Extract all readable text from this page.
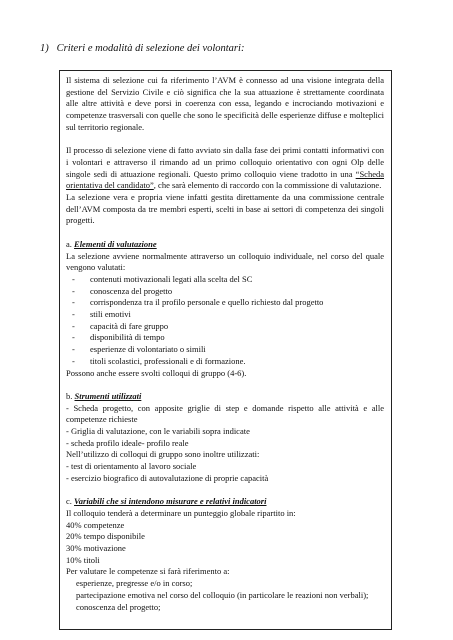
1) Criteri e modalità di selezione dei volontari:
Il sistema di selezione cui fa riferimento l’AVM è connesso ad una visione integrata della gestione del Servizio Civile e ciò significa che la sua attuazione è strettamente coordinata alle altre attività e deve porsi in coerenza con essa, legando e incrociando motivazioni e competenze trasversali con quelle che sono le specificità delle esperienze diffuse e molteplici sul territorio regionale.
Il processo di selezione viene di fatto avviato sin dalla fase dei primi contatti informativi con i volontari e attraverso il rimando ad un primo colloquio orientativo con ogni Olp delle singole sedi di attuazione regionali. Questo primo colloquio viene tradotto in una “Scheda orientativa del candidato”, che sarà elemento di raccordo con la commissione di valutazione.
La selezione vera e propria viene infatti gestita direttamente da una commissione centrale dell’AVM composta da tre membri esperti, scelti in base ai settori di competenza dei singoli progetti.
a. Elementi di valutazione
La selezione avviene normalmente attraverso un colloquio individuale, nel corso del quale vengono valutati:
-	contenuti motivazionali legati alla scelta del SC
-	conoscenza del progetto
-	corrispondenza tra il profilo personale e quello richiesto dal progetto
-	stili emotivi
-	capacità di fare gruppo
-	disponibilità di tempo
-	esperienze di volontariato o simili
-	titoli scolastici, professionali e di formazione.
Possono anche essere svolti colloqui di gruppo (4-6).
b. Strumenti utilizzati
- Scheda progetto, con apposite griglie di step e domande rispetto alle attività e alle competenze richieste
- Griglia di valutazione, con le variabili sopra indicate
- scheda profilo ideale- profilo reale
Nell’utilizzo di colloqui di gruppo sono inoltre utilizzati:
- test di orientamento al lavoro sociale
- esercizio biografico di autovalutazione di proprie capacità
c. Variabili che si intendono misurare e relativi indicatori
Il colloquio tenderà a determinare un punteggio globale ripartito in:
40% competenze
20% tempo disponibile
30% motivazione
10% titoli
Per valutare le competenze si farà riferimento a:
esperienze, pregresse e/o in corso;
partecipazione emotiva nel corso del colloquio (in particolare le reazioni non verbali);
conoscenza del progetto;
